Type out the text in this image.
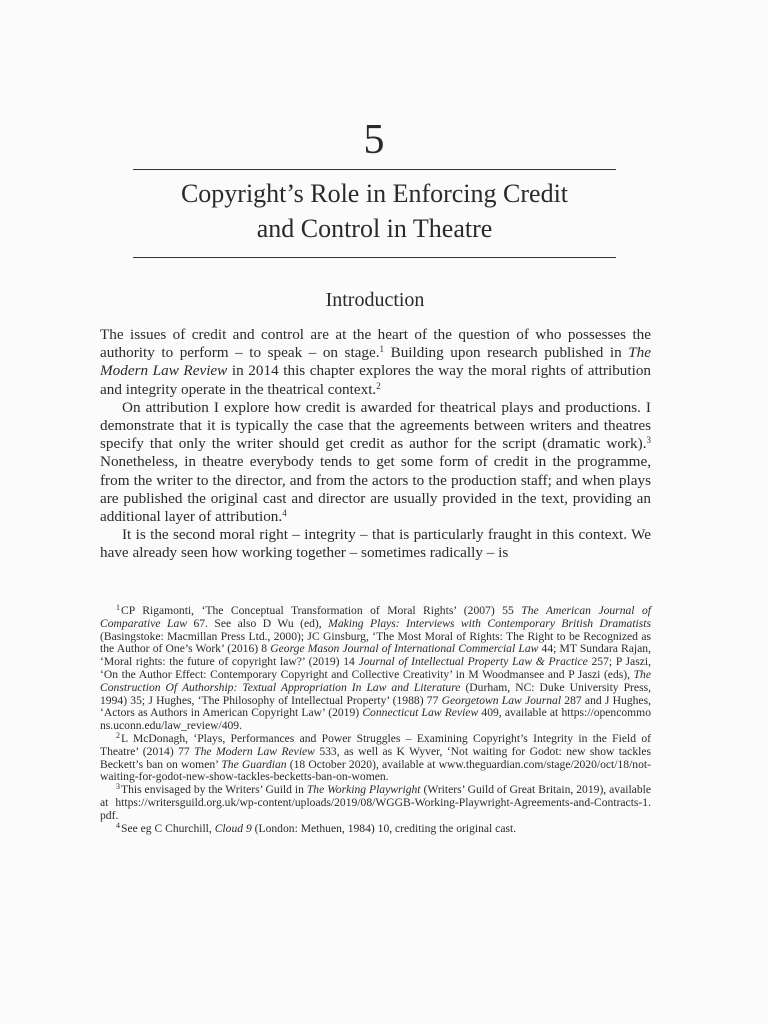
5
Copyright’s Role in Enforcing Credit
and Control in Theatre
Introduction

The issues of credit and control are at the heart of the question of who possesses the authority to perform – to speak – on stage.$^1$ Building upon research published in The Modern Law Review in 2014 this chapter explores the way the moral rights of attribution and integrity operate in the theatrical context.$^2$

On attribution I explore how credit is awarded for theatrical plays and productions. I demonstrate that it is typically the case that the agreements between writers and theatres specify that only the writer should get credit as author for the script (dramatic work).$^3$ Nonetheless, in theatre everybody tends to get some form of credit in the programme, from the writer to the director, and from the actors to the production staff; and when plays are published the original cast and director are usually provided in the text, providing an additional layer of attribution.$^4$

It is the second moral right – integrity – that is particularly fraught in this context. We have already seen how working together – sometimes radically – is

$^1$CP Rigamonti, ‘The Conceptual Transformation of Moral Rights’ (2007) 55 The American Journal of Comparative Law 67. See also D Wu (ed), Making Plays: Interviews with Contemporary British Dramatists (Basingstoke: Macmillan Press Ltd., 2000); JC Ginsburg, ‘The Most Moral of Rights: The Right to be Recognized as the Author of One’s Work’ (2016) 8 George Mason Journal of International Commercial Law 44; MT Sundara Rajan, ‘Moral rights: the future of copyright law?’ (2019) 14 Journal of Intellectual Property Law & Practice 257; P Jaszi, ‘On the Author Effect: Contemporary Copyright and Collective Creativity’ in M Woodmansee and P Jaszi (eds), The Construction Of Authorship: Textual Appropriation In Law and Literature (Durham, NC: Duke University Press, 1994) 35; J Hughes, ‘The Philosophy of Intellectual Property’ (1988) 77 Georgetown Law Journal 287 and J Hughes, ‘Actors as Authors in American Copyright Law’ (2019) Connecticut Law Review 409, available at https://opencommons.uconn.edu/law_review/409.

$^2$L McDonagh, ‘Plays, Performances and Power Struggles – Examining Copyright’s Integrity in the Field of Theatre’ (2014) 77 The Modern Law Review 533, as well as K Wyver, ‘Not waiting for Godot: new show tackles Beckett’s ban on women’ The Guardian (18 October 2020), available at www.theguardian.com/stage/2020/oct/18/not-waiting-for-godot-new-show-tackles-becketts-ban-on-women.

$^3$This envisaged by the Writers’ Guild in The Working Playwright (Writers’ Guild of Great Britain, 2019), available at https://writersguild.org.uk/wp-content/uploads/2019/08/WGGB-Working-Playwright-Agreements-and-Contracts-1.pdf.

$^4$See eg C Churchill, Cloud 9 (London: Methuen, 1984) 10, crediting the original cast.
